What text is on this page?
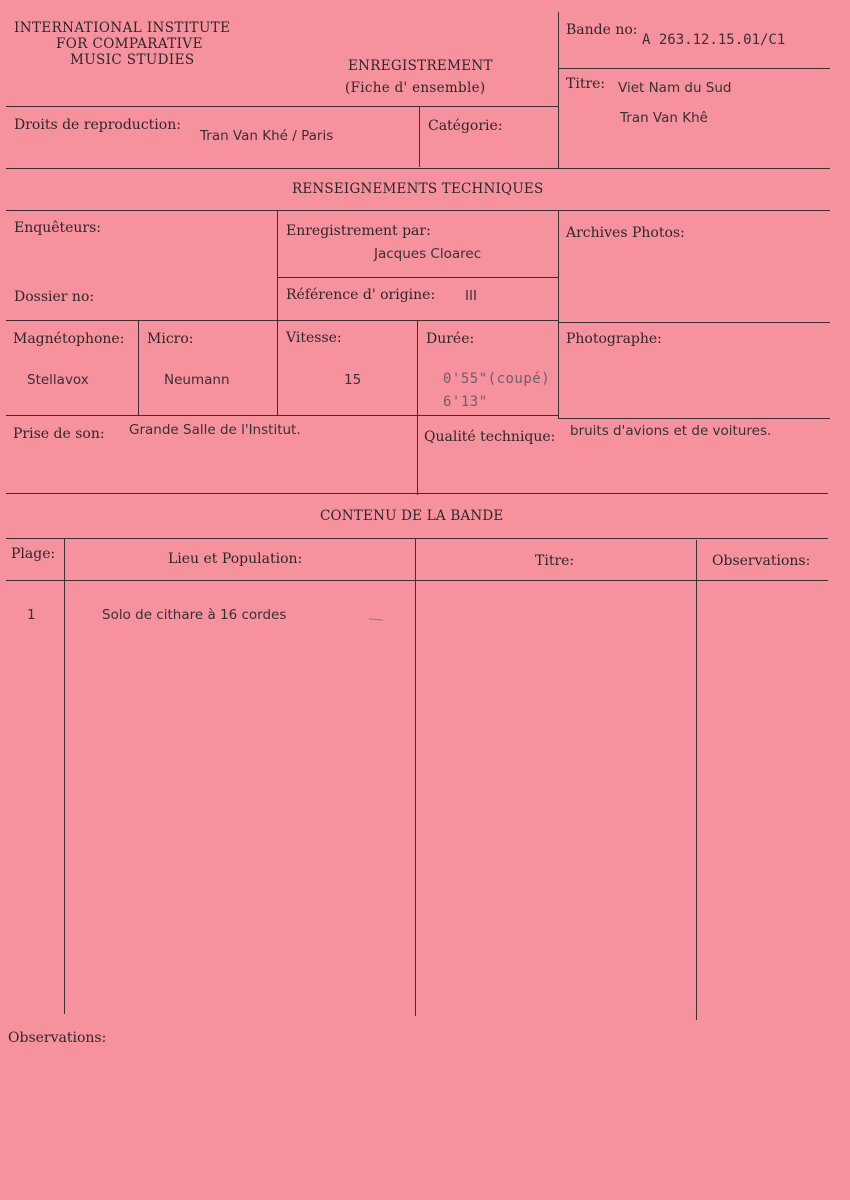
INTERNATIONAL INSTITUTE
FOR COMPARATIVE
MUSIC STUDIES	ENREGISTREMENT
(Fiche d' ensemble)
Bande no:
A 263.12.15.01/C1
Titre: Viet Nam du Sud
Tran Van Khê
Droits de reproduction:
Tran Van Khé / Paris
Catégorie:
RENSEIGNEMENTS TECHNIQUES
Enquêteurs:	Enregistrement par:
Jacques Cloarec
Archives Photos:
Dossier no:	Référence d' origine: III
Magnétophone:
Stellavox
Micro:
Neumann
Vitesse:
15
Durée:
0'55"(coupé)
6'13"
Photographe:
Prise de son: Grande Salle de l'Institut.	Qualité technique: bruits d'avions et de voitures.
CONTENU DE LA BANDE
Plage:	Lieu et Population:	Titre:	Observations:
1	Solo de cithare à 16 cordes
Observations:
